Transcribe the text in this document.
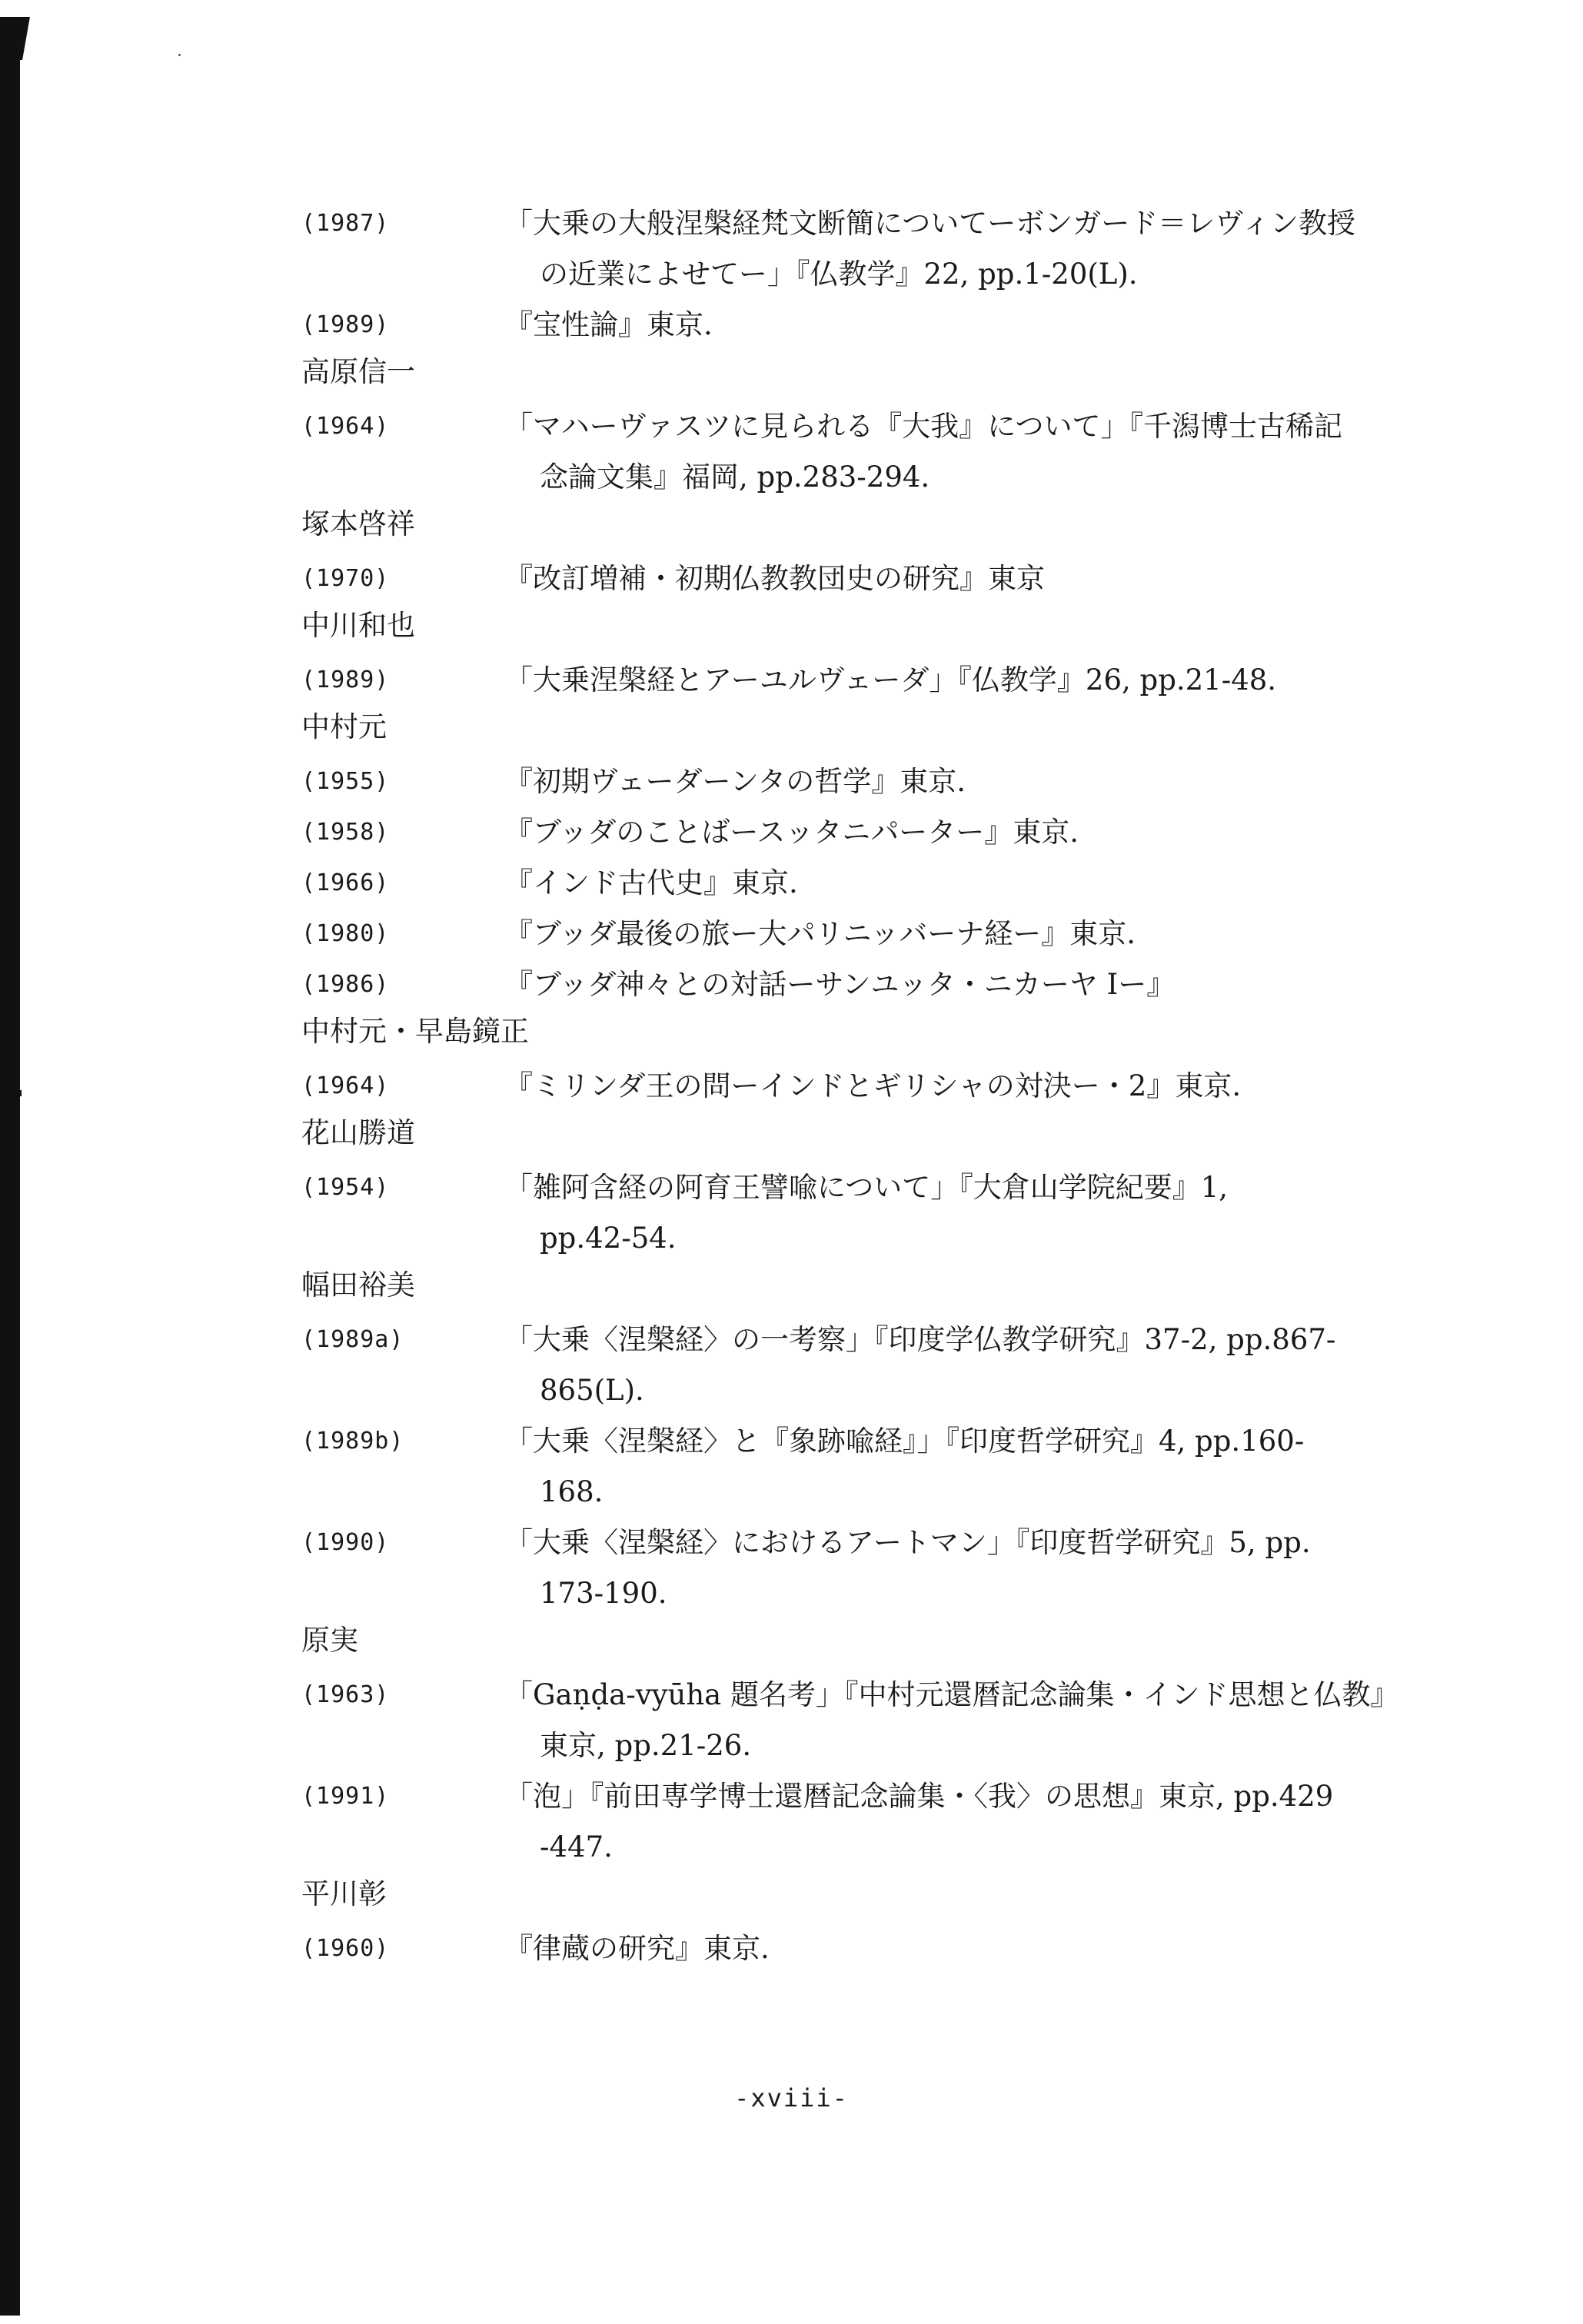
(1987)	「大乗の大般涅槃経梵文断簡についてーボンガード＝レヴィン教授
の近業によせてー」『仏教学』22, pp.1-20(L).
(1989)	『宝性論』東京.
高原信一
(1964)	「マハーヴァスツに見られる『大我』について」『千潟博士古稀記
念論文集』福岡, pp.283-294.
塚本啓祥
(1970)	『改訂増補・初期仏教教団史の研究』東京
中川和也
(1989)	「大乗涅槃経とアーユルヴェーダ」『仏教学』26, pp.21-48.
中村元
(1955)	『初期ヴェーダーンタの哲学』東京.
(1958)	『ブッダのことばースッタニパーター』東京.
(1966)	『インド古代史』東京.
(1980)	『ブッダ最後の旅ー大パリニッバーナ経ー』東京.
(1986)	『ブッダ神々との対話ーサンユッタ・ニカーヤ Iー』
中村元・早島鏡正
(1964)	『ミリンダ王の問ーインドとギリシャの対決ー・2』東京.
花山勝道
(1954)	「雑阿含経の阿育王譬喩について」『大倉山学院紀要』1,
pp.42-54.
幅田裕美
(1989a)	「大乗〈涅槃経〉の一考察」『印度学仏教学研究』37-2, pp.867-
865(L).
(1989b)	「大乗〈涅槃経〉と『象跡喩経』」『印度哲学研究』4, pp.160-
168.
(1990)	「大乗〈涅槃経〉におけるアートマン」『印度哲学研究』5, pp.
173-190.
原実
(1963)	「Gaṇḍa-vyūha 題名考」『中村元還暦記念論集・インド思想と仏教』
東京, pp.21-26.
(1991)	「泡」『前田専学博士還暦記念論集・〈我〉の思想』東京, pp.429
-447.
平川彰
(1960)	『律蔵の研究』東京.
-xviii-
